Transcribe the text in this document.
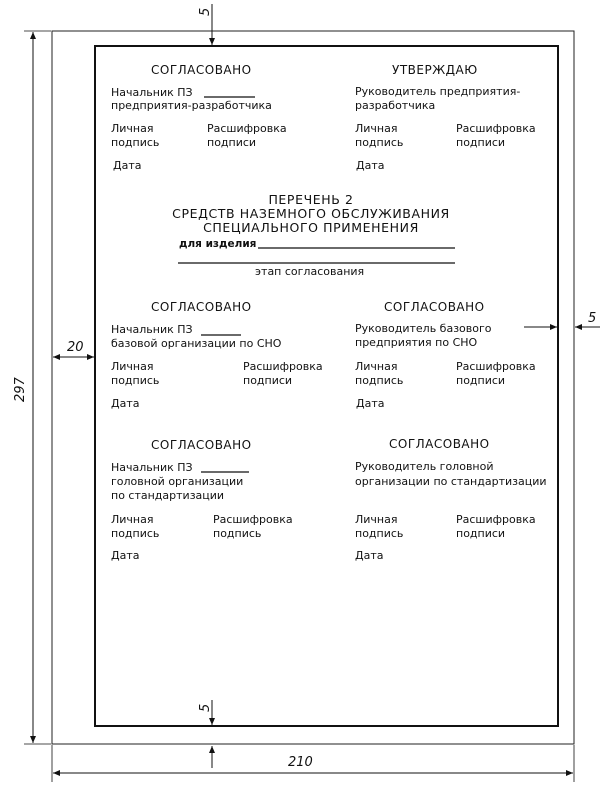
5
5
5
20
297
210
СОГЛАСОВАНО
Начальник ПЗ
предприятия-разработчика
Личная
подпись
Расшифровка
подписи
Дата
УТВЕРЖДАЮ
Руководитель предприятия-
разработчика
Личная
подпись
Расшифровка
подписи
Дата
ПЕРЕЧЕНЬ 2
СРЕДСТВ НАЗЕМНОГО ОБСЛУЖИВАНИЯ
СПЕЦИАЛЬНОГО ПРИМЕНЕНИЯ
для изделия
этап согласования
СОГЛАСОВАНО
Начальник ПЗ
базовой организации по СНО
Личная
подпись
Расшифровка
подписи
Дата
СОГЛАСОВАНО
Руководитель базового
предприятия по СНО
Личная
подпись
Расшифровка
подписи
Дата
СОГЛАСОВАНО
Начальник ПЗ
головной организации
по стандартизации
Личная
подпись
Расшифровка
подпись
Дата
СОГЛАСОВАНО
Руководитель головной
организации по стандартизации
Личная
подпись
Расшифровка
подписи
Дата
